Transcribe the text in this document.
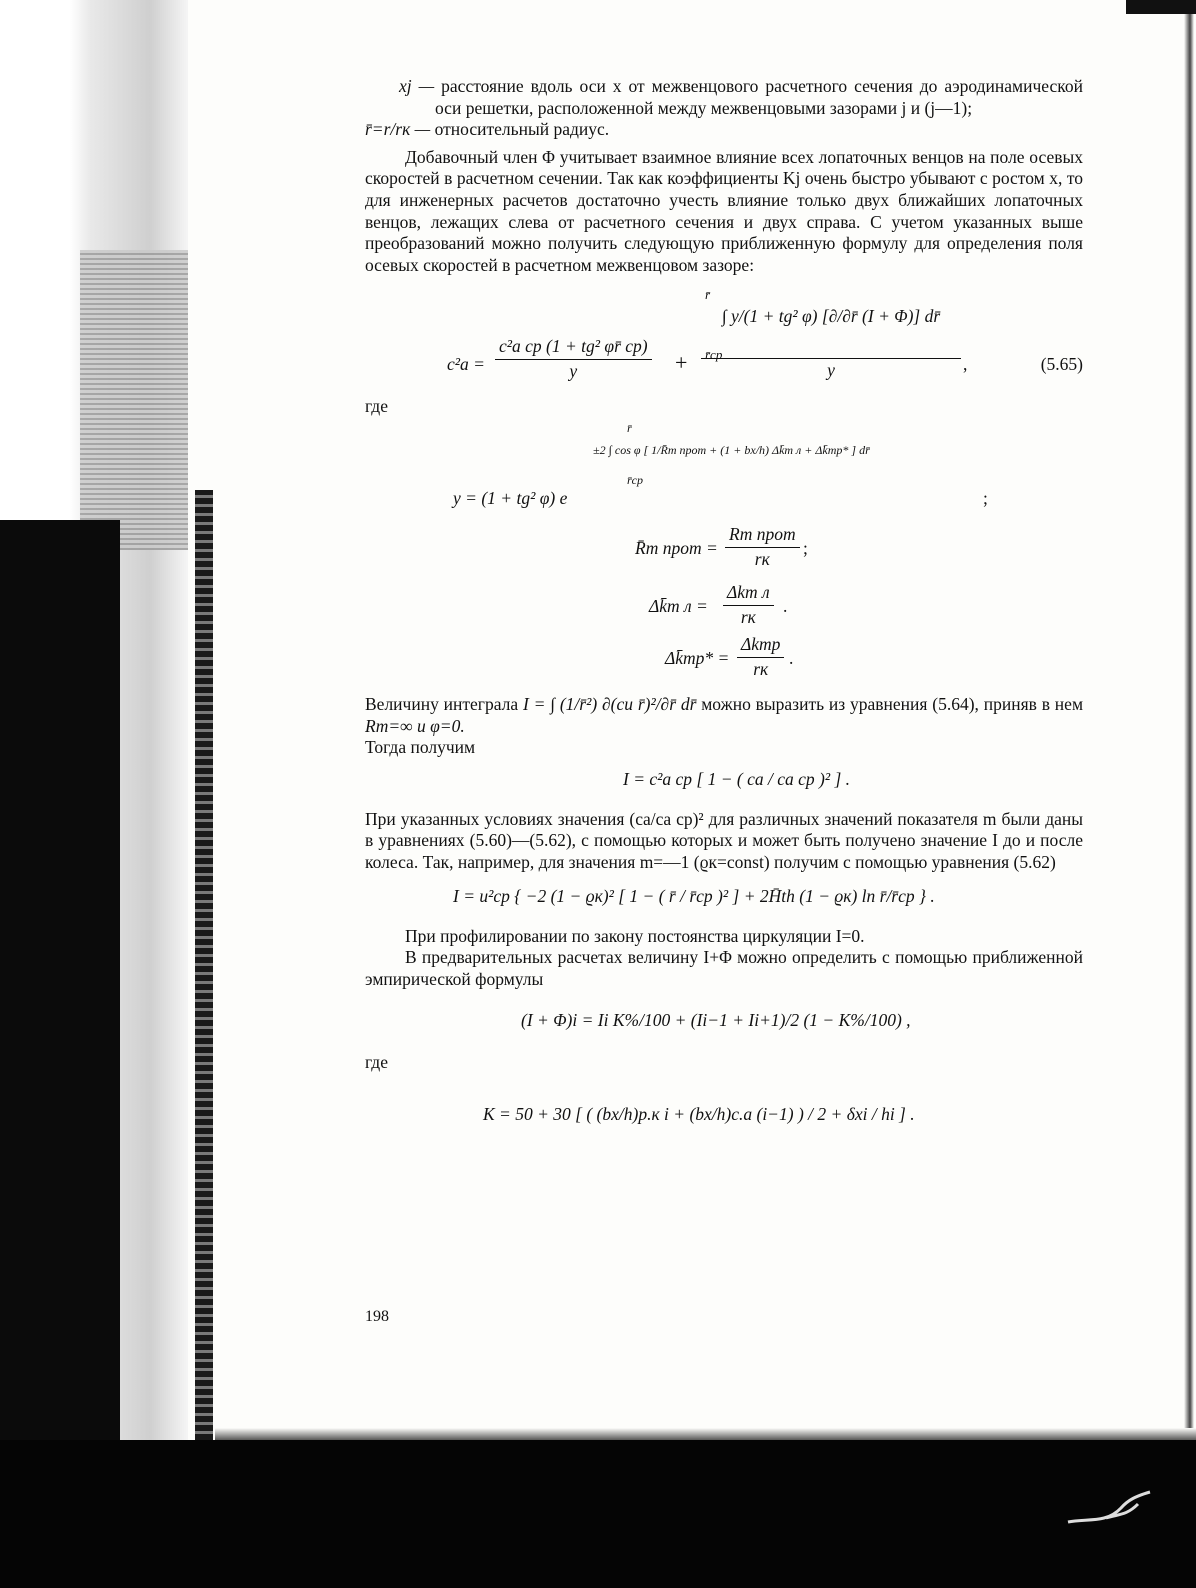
xj — расстояние вдоль оси x от межвенцового расчетного сечения до аэродинамической оси решетки, расположенной между межвенцовыми зазорами j и (j—1);

r̄=r/rк — относительный радиус.

Добавочный член Φ учитывает взаимное влияние всех лопаточных венцов на поле осевых скоростей в расчетном сечении. Так как коэффициенты Kj очень быстро убывают с ростом x, то для инженерных расчетов достаточно учесть влияние только двух ближайших лопаточных венцов, лежащих слева от расчетного сечения и двух справа. С учетом указанных выше преобразований можно получить следующую приближенную формулу для определения поля осевых скоростей в расчетном межвенцовом зазоре:

r̄
r̄ср
c²a =
c²a ср (1 + tg² φr̄ ср)
y	+ $\frac{\text{∫ y/(1 + tg² φ) [∂/∂r̄ (I + Φ)] dr̄}}{y}$ ,	(5.65)

где

r̄
±2 ∫ cos φ [ 1/R̄m прот + (1 + bx/h) Δk̄m л + Δk̄mp* ] dr̄
r̄ср
y = (1 + tg² φ) e	;
R̄m прот =
Rm прот
rк
;
Δk̄m л =
Δkm л
rк
.
Δk̄mp* =
Δkmp
rк
.

Величину интеграла I = ∫ (1/r̄²) ∂(cu r̄)²/∂r̄ dr̄ можно выразить из уравнения (5.64), приняв в нем Rm=∞ и φ=0.

Тогда получим

I = c²a ср [ 1 − ( ca / ca ср )² ] .

При указанных условиях значения (ca/ca ср)² для различных значений показателя m были даны в уравнениях (5.60)—(5.62), с помощью которых и может быть получено значение I до и после колеса. Так, например, для значения m=—1 (ϱк=const) получим с помощью уравнения (5.62)

I = u²ср { −2 (1 − ϱк)² [ 1 − ( r̄ / r̄ср )² ] + 2H̄th (1 − ϱк) ln r̄/r̄ср } .

При профилировании по закону постоянства циркуляции I=0.

В предварительных расчетах величину I+Φ можно определить с помощью приближенной эмпирической формулы

(I + Φ)i = Ii K%/100 + (Ii−1 + Ii+1)/2 (1 − K%/100) ,

где

K = 50 + 30 [ ( (bx/h)р.к i + (bx/h)с.а (i−1) ) / 2 + δxi / hi ] .
198
